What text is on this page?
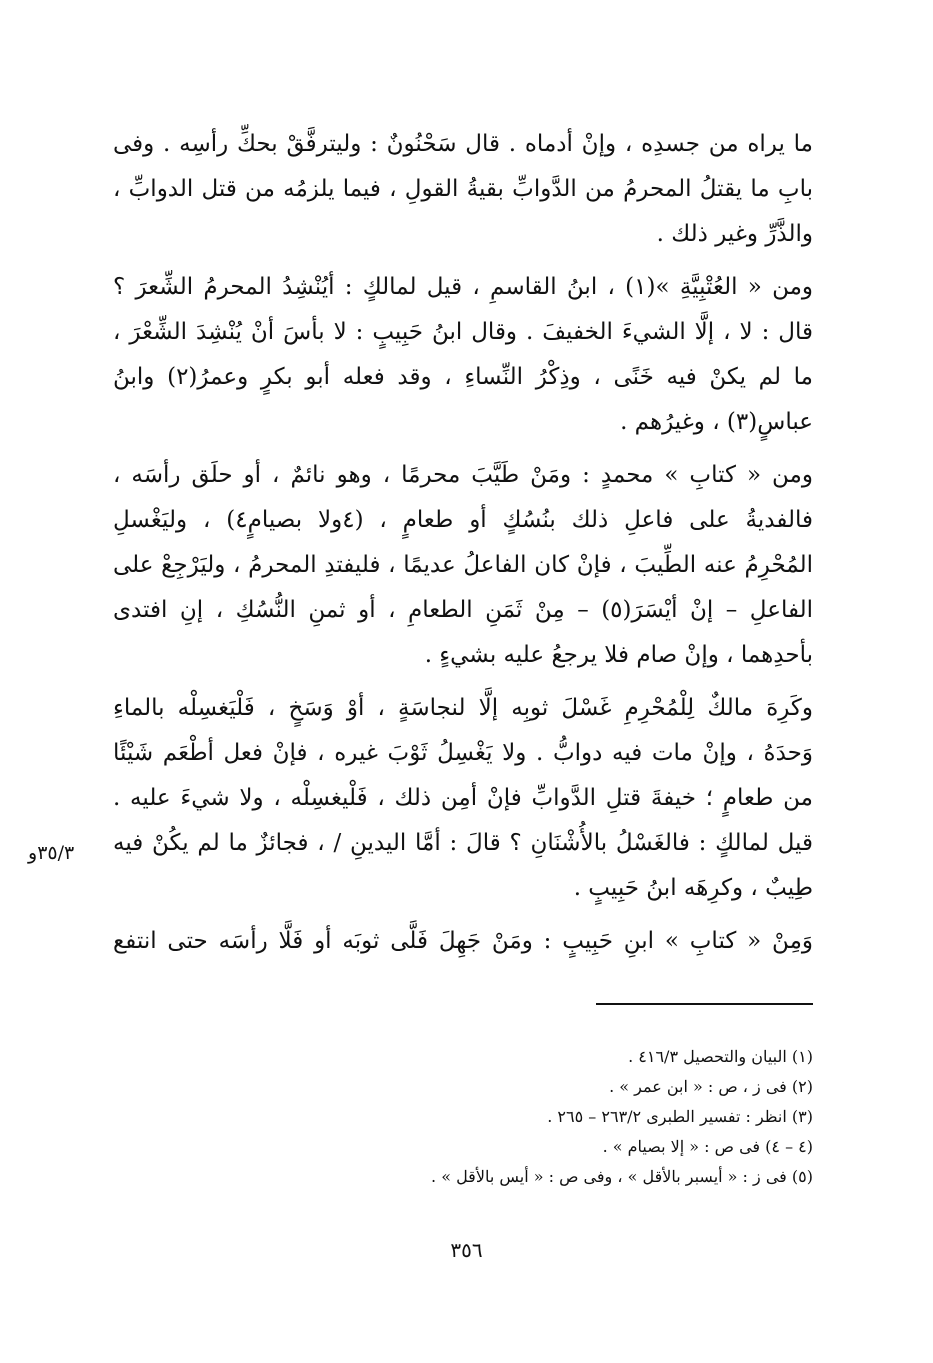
ما يراه من جسدِه ، وإنْ أدماه . قال سَحْنُونٌ : وليترفَّقْ بحكِّ رأسِه . وفى
بابِ ما يقتلُ المحرمُ من الدَّوابِّ بقيةُ القولِ ، فيما يلزمُه من قتل الدوابِّ ،
والذَّرِّ وغير ذلك .
ومن « العُتْبِيَّةِ »(١) ، ابنُ القاسمِ ، قيل لمالكٍ : أيُنْشِدُ المحرمُ الشِّعرَ ؟
قال : لا ، إلَّا الشيءَ الخفيفَ . وقال ابنُ حَبِيبٍ : لا بأسَ أنْ يُنْشِدَ الشِّعْرَ ،
ما لم يكنْ فيه خَنًى ، وذِكْرُ النِّساءِ ، وقد فعله أبو بكرٍ وعمرُ(٢) وابنُ
عباسٍ(٣) ، وغيرُهم .
ومن « كتابِ » محمدٍ : ومَنْ طَيَّبَ محرمًا ، وهو نائمٌ ، أو حلَق رأسَه ،
فالفديةُ على فاعلِ ذلك بنُسُكٍ أو طعامٍ ، (٤ولا بصيامٍ٤) ، وليَغْسلِ
المُحْرِمُ عنه الطِّيبَ ، فإنْ كان الفاعلُ عديمًا ، فليفتدِ المحرمُ ، وليَرْجِعْ على
الفاعلِ – إنْ أيْسَرَ(٥) – مِنْ ثَمَنِ الطعامِ ، أو ثمنِ النُّسُكِ ، إنِ افتدى
بأحدِهما ، وإنْ صام فلا يرجعُ عليه بشيءٍ .
وكَرِهَ مالكٌ لِلْمُحْرِمِ غَسْلَ ثوبِه إلَّا لنجاسَةٍ ، أوْ وَسَخٍ ، فَلْيَغسِلْه بالماءِ
وَحدَهُ ، وإنْ مات فيه دوابُّ . ولا يَغْسِلُ ثَوْبَ غيره ، فإنْ فعل أطْعَم شَيْئًا
من طعامٍ ؛ خيفةَ قتلِ الدَّوابِّ فإنْ أمِن ذلك ، فَلْيغسِلْه ، ولا شيءَ عليه .
قيل لمالكٍ : فالغَسْلُ بالأُشْنَانِ ؟ قالَ : أمَّا اليدينِ / ، فجائزٌ ما لم يكُنْ فيه
طِيبٌ ، وكرِهَه ابنُ حَبِيبٍ .
وَمِنْ « كتابِ » ابنِ حَبِيبٍ : ومَنْ جَهِلَ فَلَّى ثوبَه أو فَلَّا رأسَه حتى انتفع
٣٥/٣و
(١) البيان والتحصيل ٤١٦/٣ .
(٢) فى ز ، ص : « ابن عمر » .
(٣) انظر : تفسير الطبرى ٢٦٣/٢ – ٢٦٥ .
(٤ – ٤) فى ص : « إلا بصيام » .
(٥) فى ز : « أيسبر بالأقل » ، وفى ص : « أيس بالأقل » .
٣٥٦
